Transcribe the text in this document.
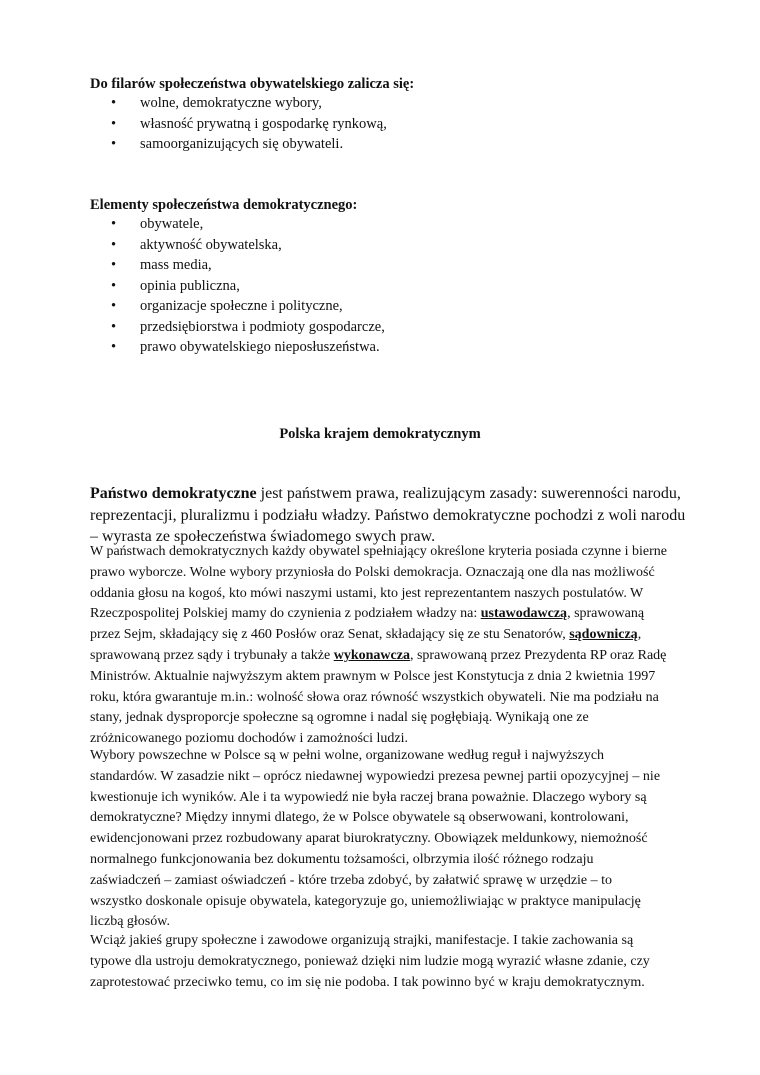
Do filarów społeczeństwa obywatelskiego zalicza się:
• wolne, demokratyczne wybory,
• własność prywatną i gospodarkę rynkową,
• samoorganizujących się obywateli.
Elementy społeczeństwa demokratycznego:
• obywatele,
• aktywność obywatelska,
• mass media,
• opinia publiczna,
• organizacje społeczne i polityczne,
• przedsiębiorstwa i podmioty gospodarcze,
• prawo obywatelskiego nieposłuszeństwa.
Polska krajem demokratycznym

Państwo demokratyczne jest państwem prawa, realizującym zasady: suwerenności narodu,

reprezentacji, pluralizmu i podziału władzy. Państwo demokratyczne pochodzi z woli narodu

– wyrasta ze społeczeństwa świadomego swych praw.

W państwach demokratycznych każdy obywatel spełniający określone kryteria posiada czynne i bierne

prawo wyborcze. Wolne wybory przyniosła do Polski demokracja. Oznaczają one dla nas możliwość

oddania głosu na kogoś, kto mówi naszymi ustami, kto jest reprezentantem naszych postulatów. W

Rzeczpospolitej Polskiej mamy do czynienia z podziałem władzy na: ustawodawczą, sprawowaną

przez Sejm, składający się z 460 Posłów oraz Senat, składający się ze stu Senatorów, sądowniczą,

sprawowaną przez sądy i trybunały a także wykonawcza, sprawowaną przez Prezydenta RP oraz Radę

Ministrów. Aktualnie najwyższym aktem prawnym w Polsce jest Konstytucja z dnia 2 kwietnia 1997

roku, która gwarantuje m.in.: wolność słowa oraz równość wszystkich obywateli. Nie ma podziału na

stany, jednak dysproporcje społeczne są ogromne i nadal się pogłębiają. Wynikają one ze

zróżnicowanego poziomu dochodów i zamożności ludzi.

Wybory powszechne w Polsce są w pełni wolne, organizowane według reguł i najwyższych

standardów. W zasadzie nikt – oprócz niedawnej wypowiedzi prezesa pewnej partii opozycyjnej – nie

kwestionuje ich wyników. Ale i ta wypowiedź nie była raczej brana poważnie. Dlaczego wybory są

demokratyczne? Między innymi dlatego, że w Polsce obywatele są obserwowani, kontrolowani,

ewidencjonowani przez rozbudowany aparat biurokratyczny. Obowiązek meldunkowy, niemożność

normalnego funkcjonowania bez dokumentu tożsamości, olbrzymia ilość różnego rodzaju

zaświadczeń – zamiast oświadczeń - które trzeba zdobyć, by załatwić sprawę w urzędzie – to

wszystko doskonale opisuje obywatela, kategoryzuje go, uniemożliwiając w praktyce manipulację

liczbą głosów.

Wciąż jakieś grupy społeczne i zawodowe organizują strajki, manifestacje. I takie zachowania są

typowe dla ustroju demokratycznego, ponieważ dzięki nim ludzie mogą wyrazić własne zdanie, czy

zaprotestować przeciwko temu, co im się nie podoba. I tak powinno być w kraju demokratycznym.
